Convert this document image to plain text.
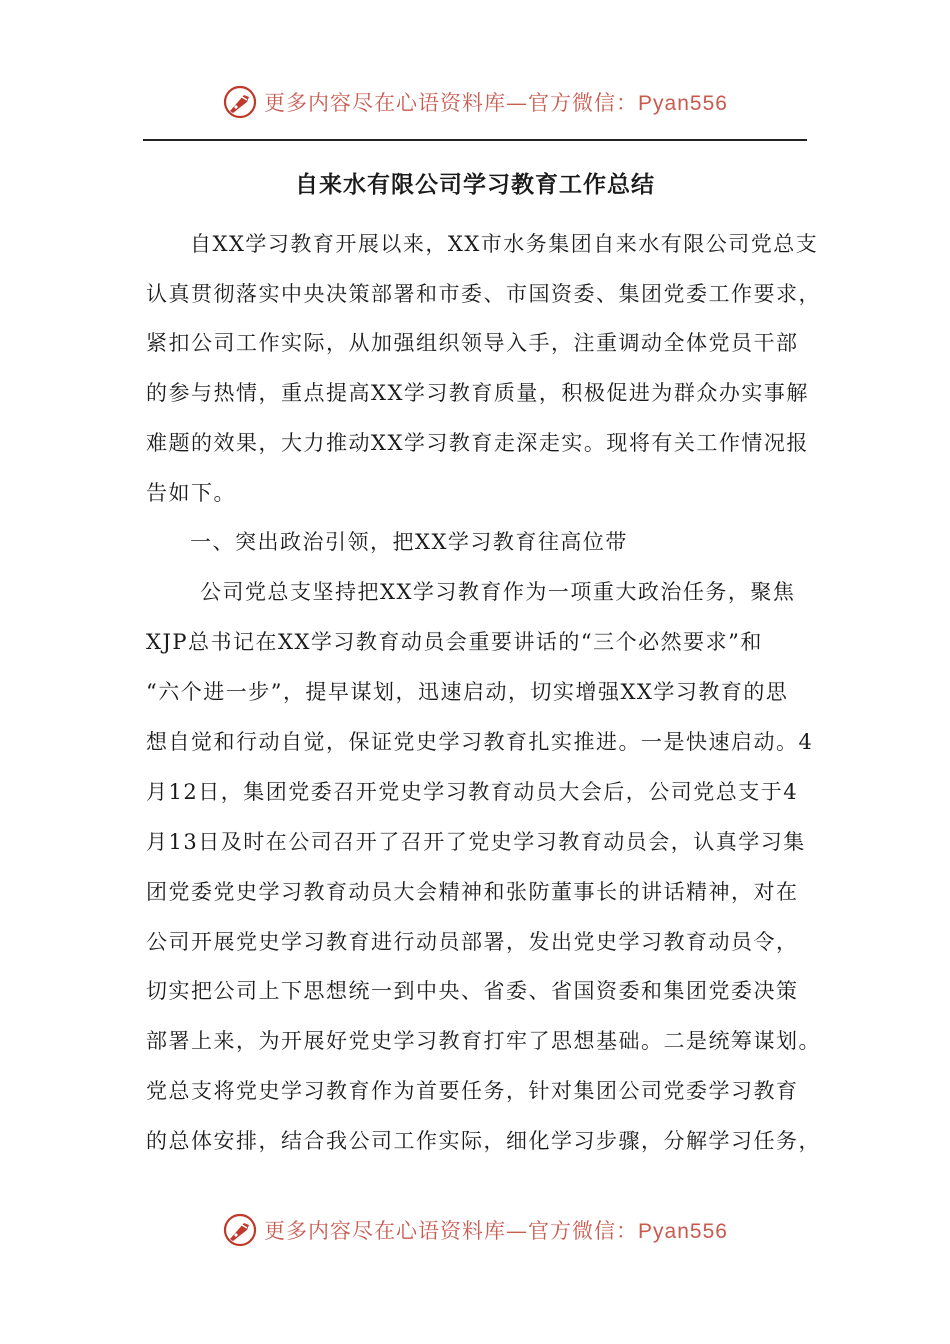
更多内容尽在心语资料库—官方微信：Pyan556
自来水有限公司学习教育工作总结
自XX学习教育开展以来，XX市水务集团自来水有限公司党总支
认真贯彻落实中央决策部署和市委、市国资委、集团党委工作要求，
紧扣公司工作实际，从加强组织领导入手，注重调动全体党员干部
的参与热情，重点提高XX学习教育质量，积极促进为群众办实事解
难题的效果，大力推动XX学习教育走深走实。现将有关工作情况报
告如下。
一、突出政治引领，把XX学习教育往高位带
公司党总支坚持把XX学习教育作为一项重大政治任务，聚焦
XJP总书记在XX学习教育动员会重要讲话的“三个必然要求”和
“六个进一步”，提早谋划，迅速启动，切实增强XX学习教育的思
想自觉和行动自觉，保证党史学习教育扎实推进。一是快速启动。4
月12日，集团党委召开党史学习教育动员大会后，公司党总支于4
月13日及时在公司召开了召开了党史学习教育动员会，认真学习集
团党委党史学习教育动员大会精神和张防董事长的讲话精神，对在
公司开展党史学习教育进行动员部署，发出党史学习教育动员令，
切实把公司上下思想统一到中央、省委、省国资委和集团党委决策
部署上来，为开展好党史学习教育打牢了思想基础。二是统筹谋划。
党总支将党史学习教育作为首要任务，针对集团公司党委学习教育
的总体安排，结合我公司工作实际，细化学习步骤，分解学习任务，
更多内容尽在心语资料库—官方微信：Pyan556
